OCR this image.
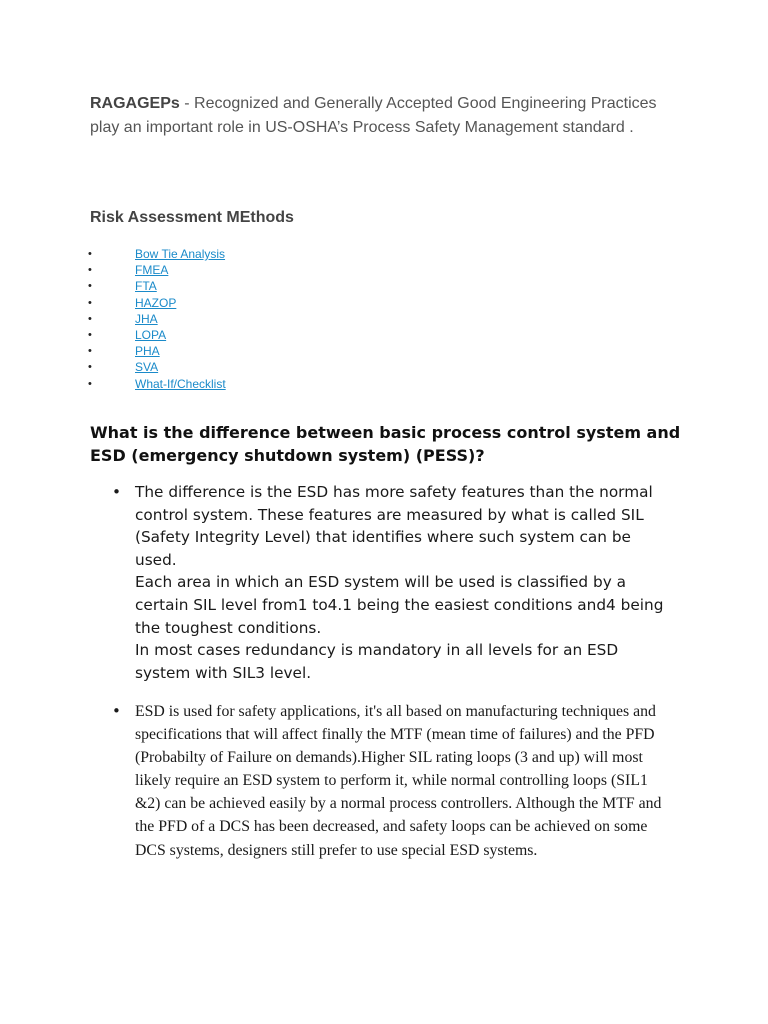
RAGAGEPs - Recognized and Generally Accepted Good Engineering Practices play an important role in US-OSHA’s Process Safety Management standard .

Risk Assessment MEthods
•	Bow Tie Analysis
•	FMEA
•	FTA
•	HAZOP
•	JHA
•	LOPA
•	PHA
•	SVA
•	What-If/Checklist
What is the difference between basic process control system and ESD (emergency shutdown system) (PESS)?
• The difference is the ESD has more safety features than the normal control system. These features are measured by what is called SIL (Safety Integrity Level) that identifies where such system can be used.

Each area in which an ESD system will be used is classified by a certain SIL level from1 to4.1 being the easiest conditions and4 being the toughest conditions.

In most cases redundancy is mandatory in all levels for an ESD system with SIL3 level.

• ESD is used for safety applications, it's all based on manufacturing techniques and specifications that will affect finally the MTF (mean time of failures) and the PFD (Probabilty of Failure on demands).Higher SIL rating loops (3 and up) will most likely require an ESD system to perform it, while normal controlling loops (SIL1 &2) can be achieved easily by a normal process controllers. Although the MTF and the PFD of a DCS has been decreased, and safety loops can be achieved on some DCS systems, designers still prefer to use special ESD systems.
